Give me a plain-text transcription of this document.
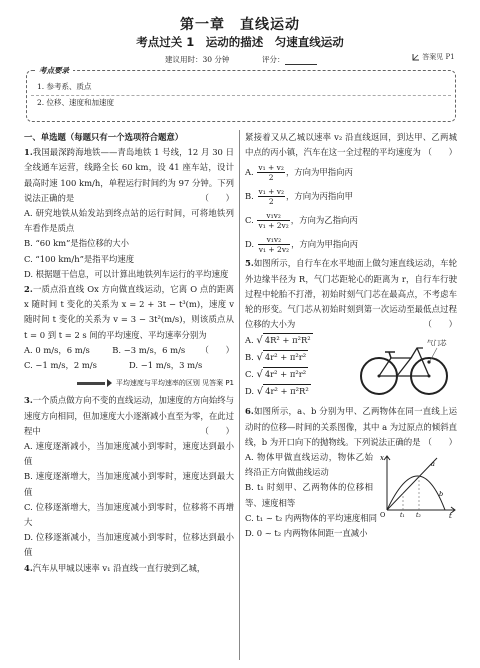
第一章　直线运动
考点过关 1　运动的描述　匀速直线运动
建议用时：30 分钟	评分：	答案见 P1
考点要录
1. 参考系、质点
2. 位移、速度和加速度
一、单选题（每题只有一个选项符合题意）
1.我国最深跨海地铁——青岛地铁 1 号线，12 月 30 日全线通车运营，线路全长 60 km，设 41 座车站，设计最高时速 100 km/h，单程运行时间约为 97 分钟。下列说法正确的是	（　　）
A. 研究地铁从始发站到终点站的运行时间，可将地铁列车看作是质点
B. “60 km”是指位移的大小
C. “100 km/h”是指平均速度
D. 根据题干信息，可以计算出地铁列车运行的平均速度
2.一质点沿直线 Ox 方向做直线运动，它离 O 点的距离 x 随时间 t 变化的关系为 x = 2 + 3t − t³(m)，速度 v 随时间 t 变化的关系为 v = 3 − 3t²(m/s)，则该质点从 t = 0 到 t = 2 s 间的平均速度、平均速率分别为
（　　）
A. 0 m/s，6 m/s	B. −3 m/s，6 m/s
C. −1 m/s，2 m/s	D. −1 m/s，3 m/s
平均速度与平均速率的区别 见答案 P1
3.一个质点做方向不变的直线运动，加速度的方向始终与速度方向相同，但加速度大小逐渐减小直至为零，在此过程中	（　　）
A. 速度逐渐减小，当加速度减小到零时，速度达到最小值
B. 速度逐渐增大，当加速度减小到零时，速度达到最大值
C. 位移逐渐增大，当加速度减小到零时，位移将不再增大
D. 位移逐渐减小，当加速度减小到零时，位移达到最小值
4.汽车从甲城以速率 v₁ 沿直线一直行驶到乙城，
紧接着又从乙城以速率 v₂ 沿直线返回，到达甲、乙两城中点的丙小镇，汽车在这一全过程的平均速度为 （　　）
A. $\frac{\text{v₁ + v₂}}{2}$ ，方向为甲指向丙
B. $\frac{\text{v₁ + v₂}}{2}$ ，方向为丙指向甲
C. $\frac{\text{v₁v₂}}{\text{v₁ + 2v₂}}$ ，方向为乙指向丙
D. $\frac{\text{v₁v₂}}{\text{v₁ + 2v₂}}$ ，方向为甲指向丙
5.如图所示，自行车在水平地面上做匀速直线运动，车轮外边缘半径为 R，气门芯距轮心的距离为 r，自行车行驶过程中轮胎不打滑，初始时刻气门芯在最高点，不考虑车轮的形变。气门芯从初始时刻到第一次运动至最低点过程位移的大小为	（　　）
A. √ 4R² + π²R²
B. √ 4r² + π²r²
C. √ 4r² + π²r²
D. √ 4r² + π²R²
气门芯
6.如图所示，a、b 分别为甲、乙两物体在同一直线上运动时的位移—时间的关系图像，其中 a 为过原点的倾斜直线，b 为开口向下的抛物线。下列说法正确的是 （　　）
A. 物体甲做直线运动，物体乙始终沿正方向做曲线运动
B. t₁ 时刻甲、乙两物体的位移相等、速度相等
x
t
O t₁ t₂
a
b
C. t₁ ~ t₂ 内两物体的平均速度相同
D. 0 ~ t₂ 内两物体间距一直减小
